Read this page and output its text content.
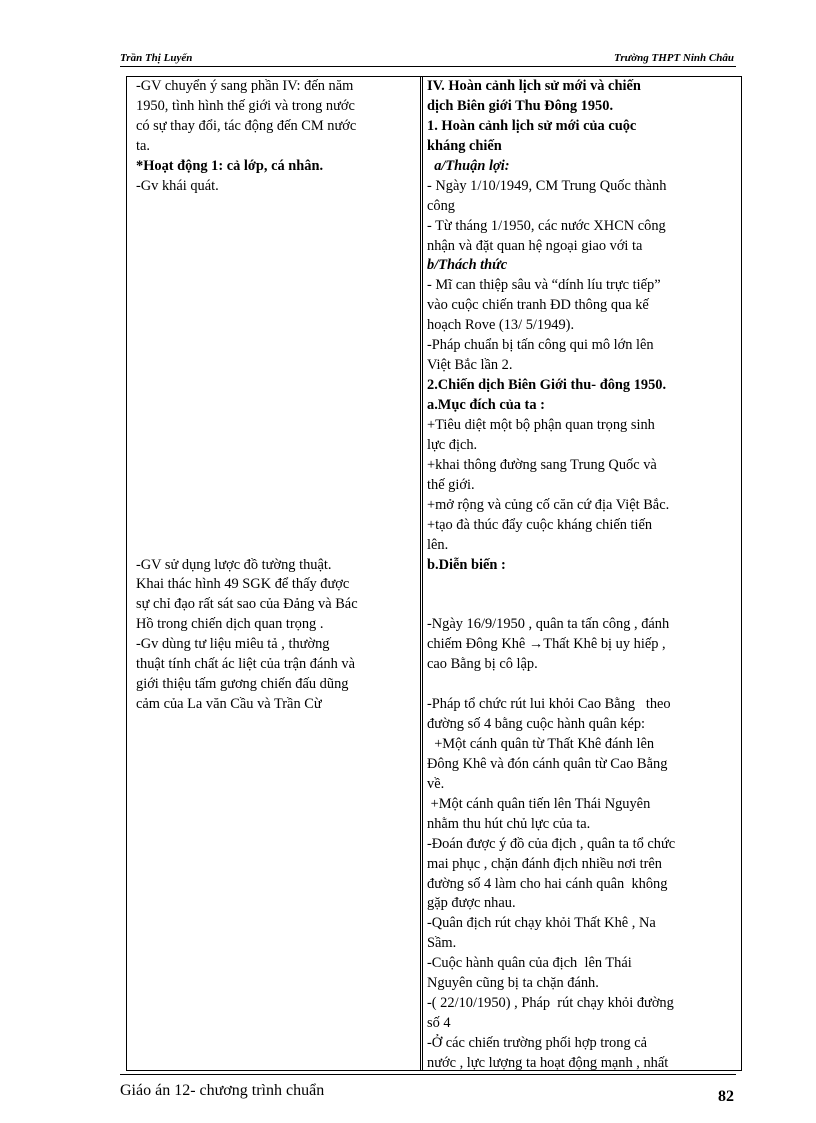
Trần Thị Luyến	Trường THPT Ninh Châu
-GV chuyển ý sang phần IV: đến năm
1950, tình hình thế giới và trong nước
có sự thay đổi, tác động đến CM nước
ta.
*Hoạt động 1: cả lớp, cá nhân.
-Gv khái quát.
-GV sử dụng lược đồ tường thuật.
Khai thác hình 49 SGK để thấy được
sự chỉ đạo rất sát sao của Đảng và Bác
Hồ trong chiến dịch quan trọng .
-Gv dùng tư liệu miêu tả , thường
thuật tính chất ác liệt của trận đánh và
giới thiệu tấm gương chiến đấu dũng
cảm của La văn Cầu và Trần Cừ
IV. Hoàn cảnh lịch sử mới và chiến
dịch Biên giới Thu Đông 1950.
1. Hoàn cảnh lịch sử mới của cuộc
kháng chiến
a/Thuận lợi:
- Ngày 1/10/1949, CM Trung Quốc thành
công
- Từ tháng 1/1950, các nước XHCN công
nhận và đặt quan hệ ngoại giao với ta
b/Thách thức
- Mĩ can thiệp sâu và “dính líu trực tiếp”
vào cuộc chiến tranh ĐD thông qua kế
hoạch Rove (13/ 5/1949).
-Pháp chuẩn bị tấn công qui mô lớn lên
Việt Bắc lần 2.
2.Chiến dịch Biên Giới thu- đông 1950.
a.Mục đích của ta :
+Tiêu diệt một bộ phận quan trọng sinh
lực địch.
+khai thông đường sang Trung Quốc và
thế giới.
+mở rộng và củng cố căn cứ địa Việt Bắc.
+tạo đà thúc đẩy cuộc kháng chiến tiến
lên.
b.Diễn biến :
-Ngày 16/9/1950 , quân ta tấn công , đánh
chiếm Đông Khê →Thất Khê bị uy hiếp ,
cao Bằng bị cô lập.
-Pháp tổ chức rút lui khỏi Cao Bằng   theo
đường số 4 bằng cuộc hành quân kép:
+Một cánh quân từ Thất Khê đánh lên
Đông Khê và đón cánh quân từ Cao Bằng
về.
+Một cánh quân tiến lên Thái Nguyên
nhằm thu hút chủ lực của ta.
-Đoán được ý đồ của địch , quân ta tổ chức
mai phục , chặn đánh địch nhiều nơi trên
đường số 4 làm cho hai cánh quân  không
gặp được nhau.
-Quân địch rút chạy khỏi Thất Khê , Na
Sầm.
-Cuộc hành quân của địch  lên Thái
Nguyên cũng bị ta chặn đánh.
-( 22/10/1950) , Pháp  rút chạy khỏi đường
số 4
-Ở các chiến trường phối hợp trong cả
nước , lực lượng ta hoạt động mạnh , nhất
Giáo án 12- chương trình chuẩn	82
